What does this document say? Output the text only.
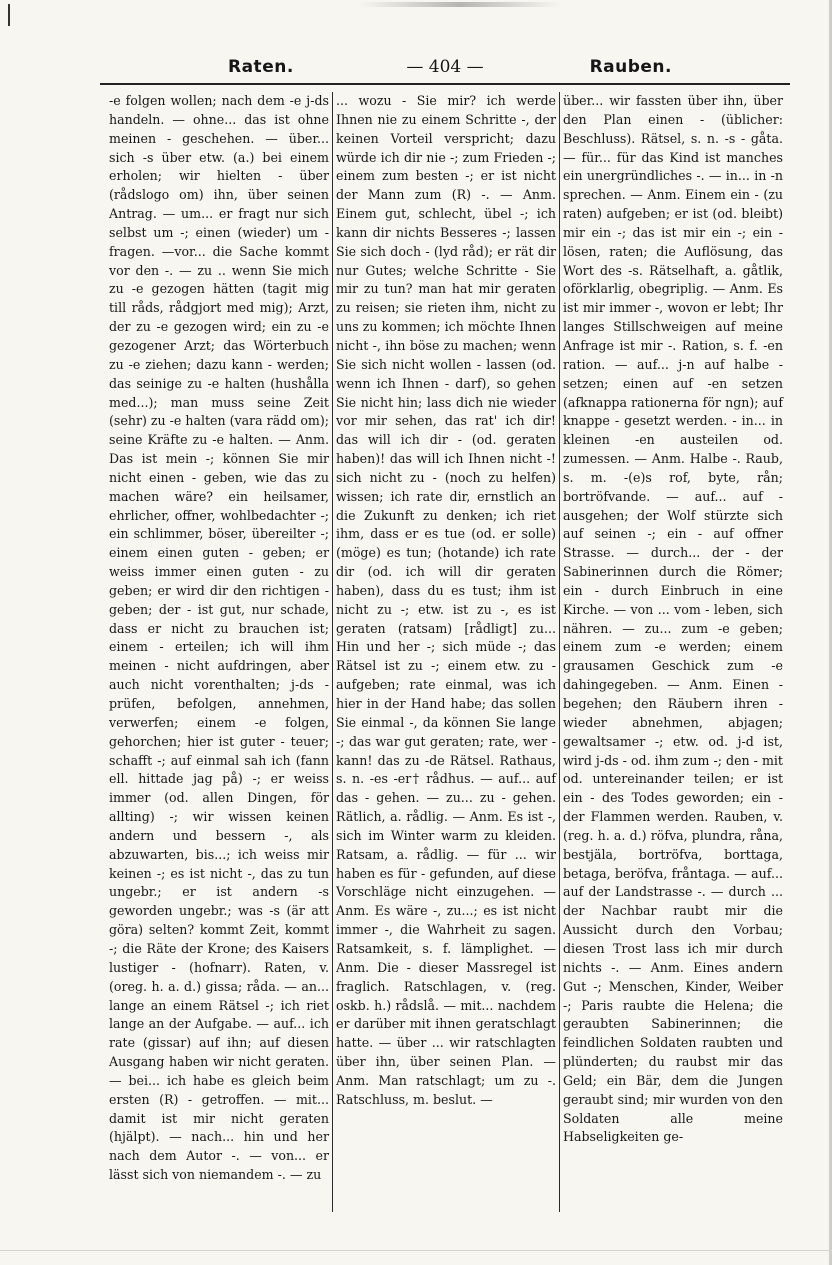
Raten.	— 404 —	Rauben.

-e folgen wollen; nach dem -e j-ds handeln. — ohne... das ist ohne meinen - geschehen. — über... sich -s über etw. (a.) bei einem erholen; wir hielten - über (rådslogo om) ihn, über seinen Antrag. — um... er fragt nur sich selbst um -; einen (wieder) um - fragen. —vor... die Sache kommt vor den -. — zu .. wenn Sie mich zu -e gezogen hätten (tagit mig till råds, rådgjort med mig); Arzt, der zu -e gezogen wird; ein zu -e gezogener Arzt; das Wörterbuch zu -e ziehen; dazu kann - werden; das seinige zu -e halten (hushålla med...); man muss seine Zeit (sehr) zu -e halten (vara rädd om); seine Kräfte zu -e halten. — Anm. Das ist mein -; können Sie mir nicht einen - geben, wie das zu machen wäre? ein heilsamer, ehrlicher, offner, wohlbedachter -; ein schlimmer, böser, übereilter -; einem einen guten - geben; er weiss immer einen guten - zu geben; er wird dir den richtigen - geben; der - ist gut, nur schade, dass er nicht zu brauchen ist; einem - erteilen; ich will ihm meinen - nicht aufdringen, aber auch nicht vorenthalten; j-ds - prüfen, befolgen, annehmen, verwerfen; einem -e folgen, gehorchen; hier ist guter - teuer; schafft -; auf einmal sah ich (fann ell. hittade jag på) -; er weiss immer (od. allen Dingen, för allting) -; wir wissen keinen andern und bessern -, als abzuwarten, bis...; ich weiss mir keinen -; es ist nicht -, das zu tun ungebr.; er ist andern -s geworden ungebr.; was -s (är att göra) selten? kommt Zeit, kommt -; die Räte der Krone; des Kaisers lustiger - (hofnarr). Raten, v. (oreg. h. a. d.) gissa; råda. — an... lange an einem Rätsel -; ich riet lange an der Aufgabe. — auf... ich rate (gissar) auf ihn; auf diesen Ausgang haben wir nicht geraten. — bei... ich habe es gleich beim ersten (R) - getroffen. — mit... damit ist mir nicht geraten (hjälpt). — nach... hin und her nach dem Autor -. — von... er lässt sich von niemandem -. — zu

... wozu - Sie mir? ich werde Ihnen nie zu einem Schritte -, der keinen Vorteil verspricht; dazu würde ich dir nie -; zum Frieden -; einem zum besten -; er ist nicht der Mann zum (R) -. — Anm. Einem gut, schlecht, übel -; ich kann dir nichts Besseres -; lassen Sie sich doch - (lyd råd); er rät dir nur Gutes; welche Schritte - Sie mir zu tun? man hat mir geraten zu reisen; sie rieten ihm, nicht zu uns zu kommen; ich möchte Ihnen nicht -, ihn böse zu machen; wenn Sie sich nicht wollen - lassen (od. wenn ich Ihnen - darf), so gehen Sie nicht hin; lass dich nie wieder vor mir sehen, das rat' ich dir! das will ich dir - (od. geraten haben)! das will ich Ihnen nicht -! sich nicht zu - (noch zu helfen) wissen; ich rate dir, ernstlich an die Zukunft zu denken; ich riet ihm, dass er es tue (od. er solle) (möge) es tun; (hotande) ich rate dir (od. ich will dir geraten haben), dass du es tust; ihm ist nicht zu -; etw. ist zu -, es ist geraten (ratsam) [rådligt] zu... Hin und her -; sich müde -; das Rätsel ist zu -; einem etw. zu - aufgeben; rate einmal, was ich hier in der Hand habe; das sollen Sie einmal -, da können Sie lange -; das war gut geraten; rate, wer - kann! das zu -de Rätsel. Rathaus, s. n. -es -er† rådhus. — auf... auf das - gehen. — zu... zu - gehen. Rätlich, a. rådlig. — Anm. Es ist -, sich im Winter warm zu kleiden. Ratsam, a. rådlig. — für ... wir haben es für - gefunden, auf diese Vorschläge nicht einzugehen. — Anm. Es wäre -, zu...; es ist nicht immer -, die Wahrheit zu sagen. Ratsamkeit, s. f. lämplighet. — Anm. Die - dieser Massregel ist fraglich. Ratschlagen, v. (reg. oskb. h.) rådslå. — mit... nachdem er darüber mit ihnen geratschlagt hatte. — über ... wir ratschlagten über ihn, über seinen Plan. — Anm. Man ratschlagt; um zu -. Ratschluss, m. beslut. —

über... wir fassten über ihn, über den Plan einen - (üblicher: Beschluss). Rätsel, s. n. -s - gåta. — für... für das Kind ist manches ein unergründliches -. — in... in -n sprechen. — Anm. Einem ein - (zu raten) aufgeben; er ist (od. bleibt) mir ein -; das ist mir ein -; ein - lösen, raten; die Auflösung, das Wort des -s. Rätselhaft, a. gåtlik, oförklarlig, obegriplig. — Anm. Es ist mir immer -, wovon er lebt; Ihr langes Stillschweigen auf meine Anfrage ist mir -. Ration, s. f. -en ration. — auf... j-n auf halbe - setzen; einen auf -en setzen (afknappa rationerna för ngn); auf knappe - gesetzt werden. - in... in kleinen -en austeilen od. zumessen. — Anm. Halbe -. Raub, s. m. -(e)s rof, byte, rån; bortröfvande. — auf... auf - ausgehen; der Wolf stürzte sich auf seinen -; ein - auf offner Strasse. — durch... der - der Sabinerinnen durch die Römer; ein - durch Einbruch in eine Kirche. — von ... vom - leben, sich nähren. — zu... zum -e geben; einem zum -e werden; einem grausamen Geschick zum -e dahingegeben. — Anm. Einen - begehen; den Räubern ihren - wieder abnehmen, abjagen; gewaltsamer -; etw. od. j-d ist, wird j-ds - od. ihm zum -; den - mit od. untereinander teilen; er ist ein - des Todes geworden; ein - der Flammen werden. Rauben, v. (reg. h. a. d.) röfva, plundra, råna, bestjäla, bortröfva, borttaga, betaga, beröfva, fråntaga. — auf... auf der Landstrasse -. — durch ... der Nachbar raubt mir die Aussicht durch den Vorbau; diesen Trost lass ich mir durch nichts -. — Anm. Eines andern Gut -; Menschen, Kinder, Weiber -; Paris raubte die Helena; die geraubten Sabinerinnen; die feindlichen Soldaten raubten und plünderten; du raubst mir das Geld; ein Bär, dem die Jungen geraubt sind; mir wurden von den Soldaten alle meine Habseligkeiten ge-
